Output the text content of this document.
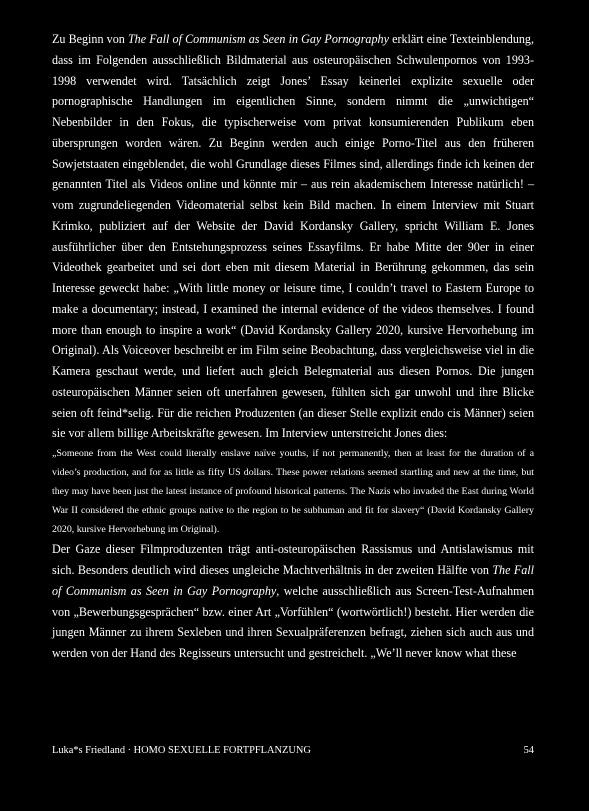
Zu Beginn von The Fall of Communism as Seen in Gay Pornography erklärt eine Texteinblendung, dass im Folgenden ausschließlich Bildmaterial aus osteuropäischen Schwulenpornos von 1993-1998 verwendet wird. Tatsächlich zeigt Jones’ Essay keinerlei explizite sexuelle oder pornographische Handlungen im eigentlichen Sinne, sondern nimmt die „unwichtigen“ Nebenbilder in den Fokus, die typischerweise vom privat konsumierenden Publikum eben übersprungen worden wären. Zu Beginn werden auch einige Porno-Titel aus den früheren Sowjetstaaten eingeblendet, die wohl Grundlage dieses Filmes sind, allerdings finde ich keinen der genannten Titel als Videos online und könnte mir – aus rein akademischem Interesse natürlich! – vom zugrundeliegenden Videomaterial selbst kein Bild machen. In einem Interview mit Stuart Krimko, publiziert auf der Website der David Kordansky Gallery, spricht William E. Jones ausführlicher über den Entstehungsprozess seines Essayfilms. Er habe Mitte der 90er in einer Videothek gearbeitet und sei dort eben mit diesem Material in Berührung gekommen, das sein Interesse geweckt habe: „With little money or leisure time, I couldn’t travel to Eastern Europe to make a documentary; instead, I examined the internal evidence of the videos themselves. I found more than enough to inspire a work“ (David Kordansky Gallery 2020, kursive Hervorhebung im Original). Als Voiceover beschreibt er im Film seine Beobachtung, dass vergleichsweise viel in die Kamera geschaut werde, und liefert auch gleich Belegmaterial aus diesen Pornos. Die jungen osteuropäischen Männer seien oft unerfahren gewesen, fühlten sich gar unwohl und ihre Blicke seien oft feind*selig. Für die reichen Produzenten (an dieser Stelle explizit endo cis Männer) seien sie vor allem billige Arbeitskräfte gewesen. Im Interview unterstreicht Jones dies:

„Someone from the West could literally enslave naïve youths, if not permanently, then at least for the duration of a video’s production, and for as little as fifty US dollars. These power relations seemed startling and new at the time, but they may have been just the latest instance of profound historical patterns. The Nazis who invaded the East during World War II considered the ethnic groups native to the region to be subhuman and fit for slavery“ (David Kordansky Gallery 2020, kursive Hervorhebung im Original).

Der Gaze dieser Filmproduzenten trägt anti-osteuropäischen Rassismus und Antislawismus mit sich. Besonders deutlich wird dieses ungleiche Machtverhältnis in der zweiten Hälfte von The Fall of Communism as Seen in Gay Pornography, welche ausschließlich aus Screen-Test-Aufnahmen von „Bewerbungsgesprächen“ bzw. einer Art „Vorfühlen“ (wortwörtlich!) besteht. Hier werden die jungen Männer zu ihrem Sexleben und ihren Sexualpräferenzen befragt, ziehen sich auch aus und werden von der Hand des Regisseurs untersucht und gestreichelt. „We’ll never know what these

Luka*s Friedland · HOMO SEXUELLE FORTPFLANZUNG	54
